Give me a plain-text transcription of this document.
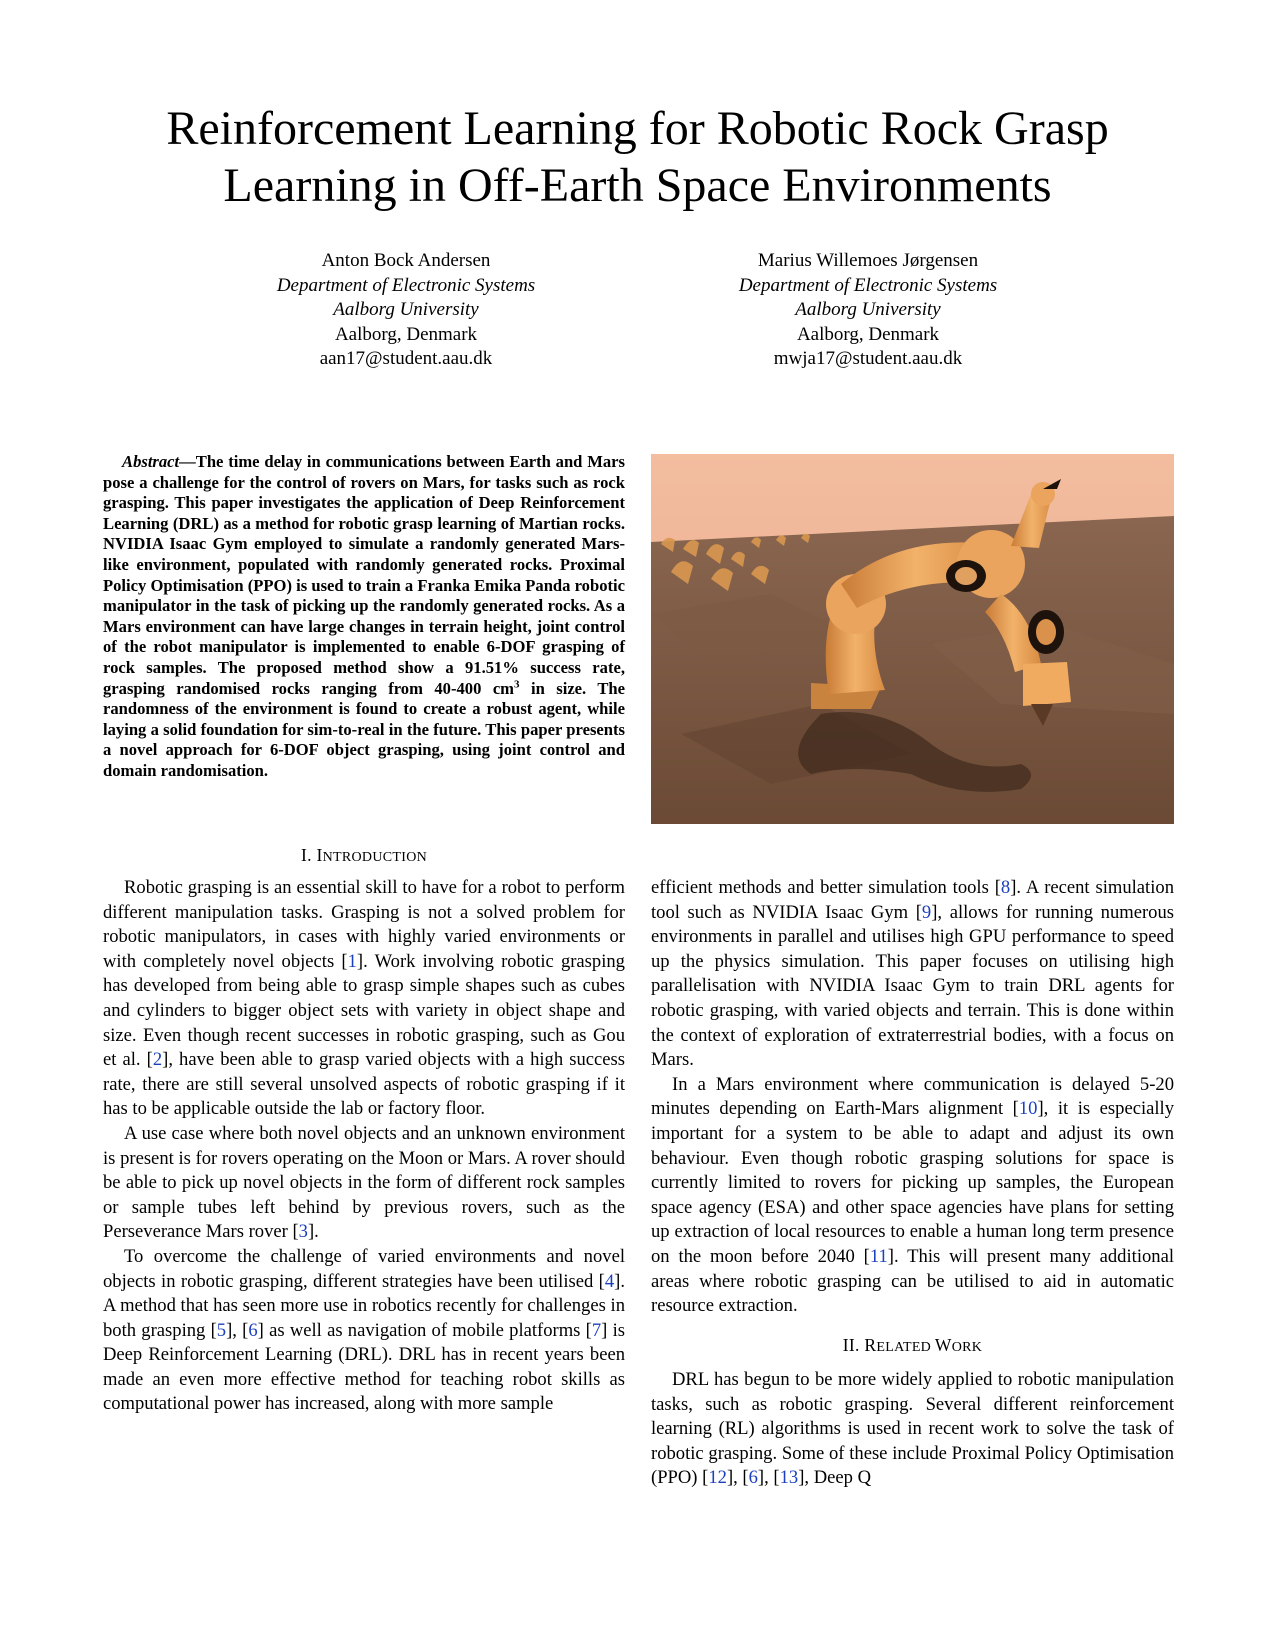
Reinforcement Learning for Robotic Rock Grasp
Learning in Off-Earth Space Environments
Anton Bock Andersen
Department of Electronic Systems
Aalborg University
Aalborg, Denmark
aan17@student.aau.dk
Marius Willemoes Jørgensen
Department of Electronic Systems
Aalborg University
Aalborg, Denmark
mwja17@student.aau.dk
Abstract—The time delay in communications between Earth and Mars pose a challenge for the control of rovers on Mars, for tasks such as rock grasping. This paper investigates the application of Deep Reinforcement Learning (DRL) as a method for robotic grasp learning of Martian rocks. NVIDIA Isaac Gym employed to simulate a randomly generated Mars-like environment, populated with randomly generated rocks. Proximal Policy Optimisation (PPO) is used to train a Franka Emika Panda robotic manipulator in the task of picking up the randomly generated rocks. As a Mars environment can have large changes in terrain height, joint control of the robot manipulator is implemented to enable 6-DOF grasping of rock samples. The proposed method show a 91.51% success rate, grasping randomised rocks ranging from 40-400 $cm^3$ in size. The randomness of the environment is found to create a robust agent, while laying a solid foundation for sim-to-real in the future. This paper presents a novel approach for 6-DOF object grasping, using joint control and domain randomisation.
I. INTRODUCTION

Robotic grasping is an essential skill to have for a robot to perform different manipulation tasks. Grasping is not a solved problem for robotic manipulators, in cases with highly varied environments or with completely novel objects [1]. Work involving robotic grasping has developed from being able to grasp simple shapes such as cubes and cylinders to bigger object sets with variety in object shape and size. Even though recent successes in robotic grasping, such as Gou et al. [2], have been able to grasp varied objects with a high success rate, there are still several unsolved aspects of robotic grasping if it has to be applicable outside the lab or factory floor.

A use case where both novel objects and an unknown environment is present is for rovers operating on the Moon or Mars. A rover should be able to pick up novel objects in the form of different rock samples or sample tubes left behind by previous rovers, such as the Perseverance Mars rover [3].

To overcome the challenge of varied environments and novel objects in robotic grasping, different strategies have been utilised [4]. A method that has seen more use in robotics recently for challenges in both grasping [5], [6] as well as navigation of mobile platforms [7] is Deep Reinforcement Learning (DRL). DRL has in recent years been made an even more effective method for teaching robot skills as computational power has increased, along with more sample

efficient methods and better simulation tools [8]. A recent simulation tool such as NVIDIA Isaac Gym [9], allows for running numerous environments in parallel and utilises high GPU performance to speed up the physics simulation. This paper focuses on utilising high parallelisation with NVIDIA Isaac Gym to train DRL agents for robotic grasping, with varied objects and terrain. This is done within the context of exploration of extraterrestrial bodies, with a focus on Mars.

In a Mars environment where communication is delayed 5-20 minutes depending on Earth-Mars alignment [10], it is especially important for a system to be able to adapt and adjust its own behaviour. Even though robotic grasping solutions for space is currently limited to rovers for picking up samples, the European space agency (ESA) and other space agencies have plans for setting up extraction of local resources to enable a human long term presence on the moon before 2040 [11]. This will present many additional areas where robotic grasping can be utilised to aid in automatic resource extraction.

II. RELATED WORK

DRL has begun to be more widely applied to robotic manipulation tasks, such as robotic grasping. Several different reinforcement learning (RL) algorithms is used in recent work to solve the task of robotic grasping. Some of these include Proximal Policy Optimisation (PPO) [12], [6], [13], Deep Q
